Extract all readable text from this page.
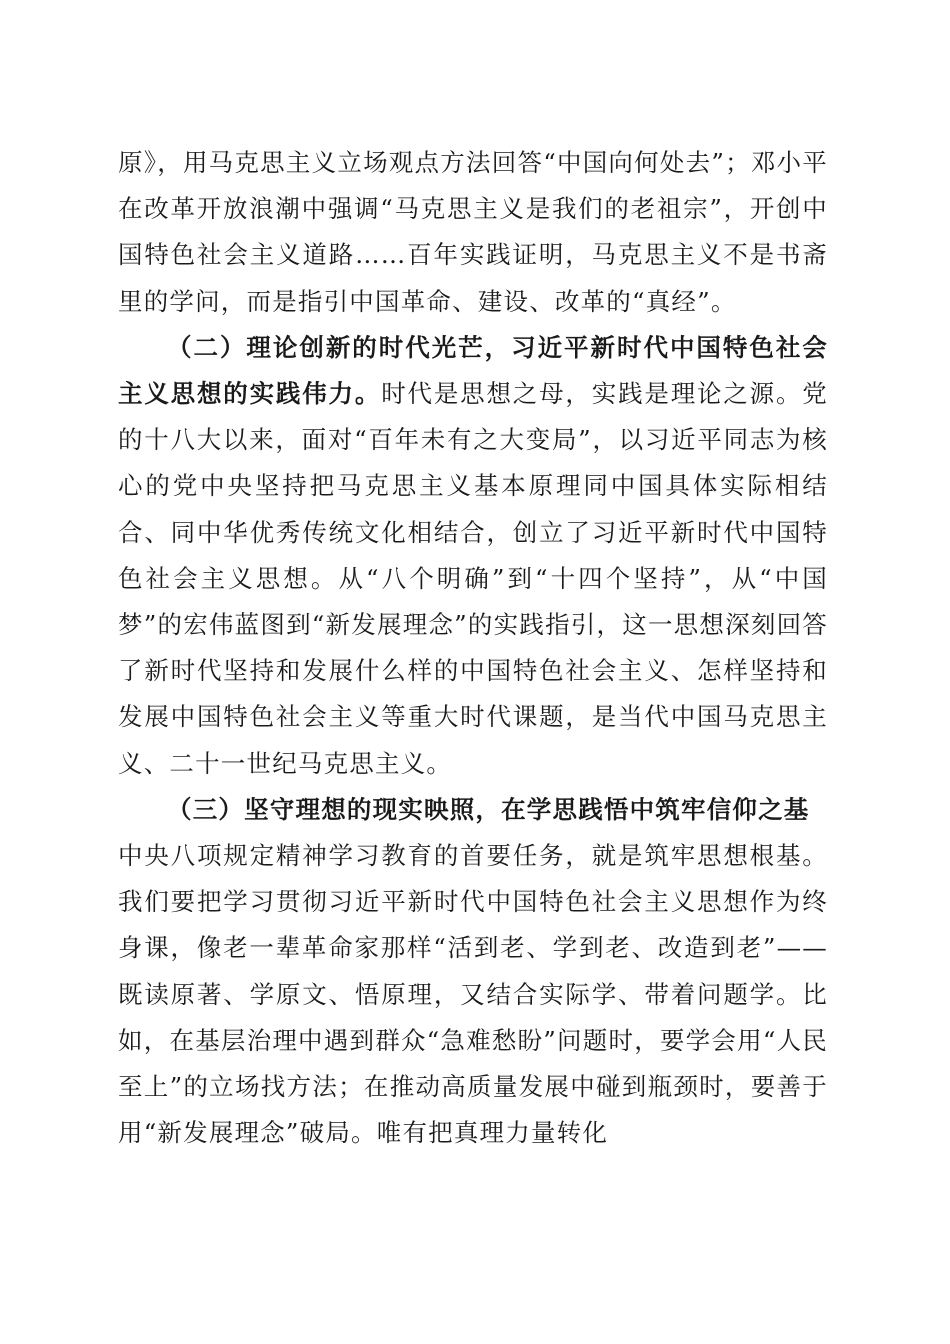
原》，用马克思主义立场观点方法回答“中国向何处去”；邓小平在改革开放浪潮中强调“马克思主义是我们的老祖宗”，开创中国特色社会主义道路……百年实践证明，马克思主义不是书斋里的学问，而是指引中国革命、建设、改革的“真经”。

（二）理论创新的时代光芒，习近平新时代中国特色社会主义思想的实践伟力。时代是思想之母，实践是理论之源。党的十八大以来，面对“百年未有之大变局”，以习近平同志为核心的党中央坚持把马克思主义基本原理同中国具体实际相结合、同中华优秀传统文化相结合，创立了习近平新时代中国特色社会主义思想。从“八个明确”到“十四个坚持”，从“中国梦”的宏伟蓝图到“新发展理念”的实践指引，这一思想深刻回答了新时代坚持和发展什么样的中国特色社会主义、怎样坚持和发展中国特色社会主义等重大时代课题，是当代中国马克思主义、二十一世纪马克思主义。

（三）坚守理想的现实映照，在学思践悟中筑牢信仰之基

中央八项规定精神学习教育的首要任务，就是筑牢思想根基。我们要把学习贯彻习近平新时代中国特色社会主义思想作为终身课，像老一辈革命家那样“活到老、学到老、改造到老”——既读原著、学原文、悟原理，又结合实际学、带着问题学。比如，在基层治理中遇到群众“急难愁盼”问题时，要学会用“人民至上”的立场找方法；在推动高质量发展中碰到瓶颈时，要善于用“新发展理念”破局。唯有把真理力量转化
